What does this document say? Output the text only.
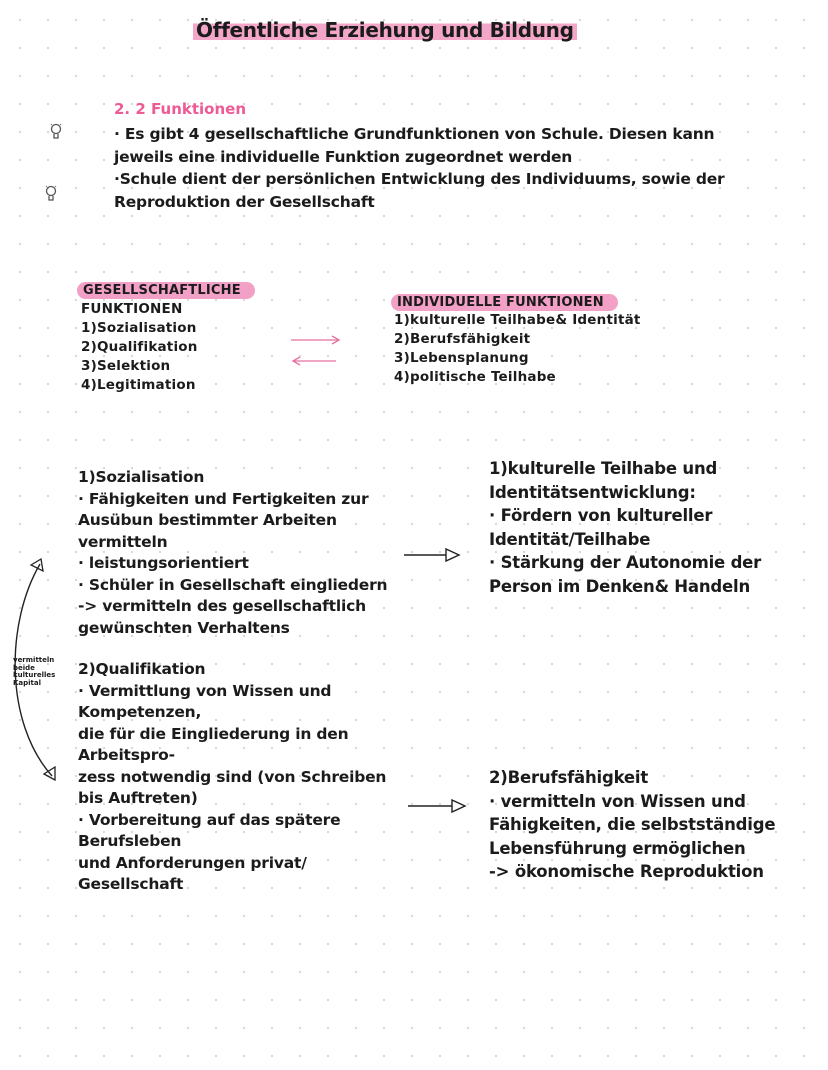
Öffentliche Erziehung und Bildung
2. 2 Funktionen
· Es gibt 4 gesellschaftliche Grundfunktionen von Schule. Diesen kann
jeweils eine individuelle Funktion zugeordnet werden
·Schule dient der persönlichen Entwicklung des Individuums, sowie der
Reproduktion der Gesellschaft
GESELLSCHAFTLICHE
FUNKTIONEN
1)Sozialisation
2)Qualifikation
3)Selektion
4)Legitimation
INDIVIDUELLE FUNKTIONEN
1)kulturelle Teilhabe& Identität
2)Berufsfähigkeit
3)Lebensplanung
4)politische Teilhabe
1)Sozialisation
· Fähigkeiten und Fertigkeiten zur
Ausübun bestimmter Arbeiten
vermitteln
· leistungsorientiert
· Schüler in Gesellschaft eingliedern
-> vermitteln des gesellschaftlich
gewünschten Verhaltens
1)kulturelle Teilhabe und
Identitätsentwicklung:
· Fördern von kultureller
Identität/Teilhabe
· Stärkung der Autonomie der
Person im Denken& Handeln
vermitteln
beide
kulturelles
Kapital
2)Qualifikation
· Vermittlung von Wissen und
Kompetenzen,
die für die Eingliederung in den
Arbeitspro-
zess notwendig sind (von Schreiben
bis Auftreten)
· Vorbereitung auf das spätere
Berufsleben
und Anforderungen privat/
Gesellschaft
2)Berufsfähigkeit
· vermitteln von Wissen und
Fähigkeiten, die selbstständige
Lebensführung ermöglichen
-> ökonomische Reproduktion
